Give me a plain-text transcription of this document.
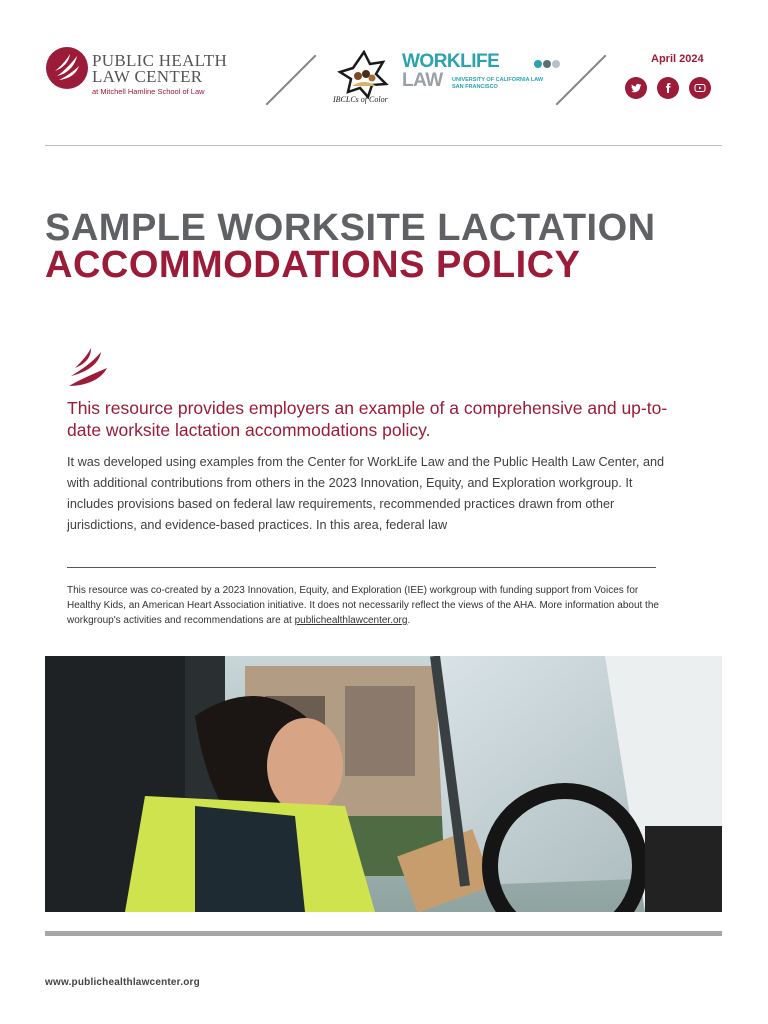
PUBLIC HEALTH
LAW CENTER
at Mitchell Hamline School of Law
IBCLCs of Color
WORKLIFE
LAW UNIVERSITY OF CALIFORNIA LAW
SAN FRANCISCO
April 2024
SAMPLE WORKSITE LACTATION
ACCOMMODATIONS POLICY

This resource provides employers an example of a comprehensive and up-to-date worksite lactation accommodations policy.

It was developed using examples from the Center for WorkLife Law and the Public Health Law Center, and with additional contributions from others in the 2023 Innovation, Equity, and Exploration workgroup. It includes provisions based on federal law requirements, recommended practices drawn from other jurisdictions, and evidence-based practices. In this area, federal law

This resource was co-created by a 2023 Innovation, Equity, and Exploration (IEE) workgroup with funding support from Voices for Healthy Kids, an American Heart Association initiative. It does not necessarily reflect the views of the AHA. More information about the workgroup's activities and recommendations are at publichealthlawcenter.org.

www.publichealthlawcenter.org
